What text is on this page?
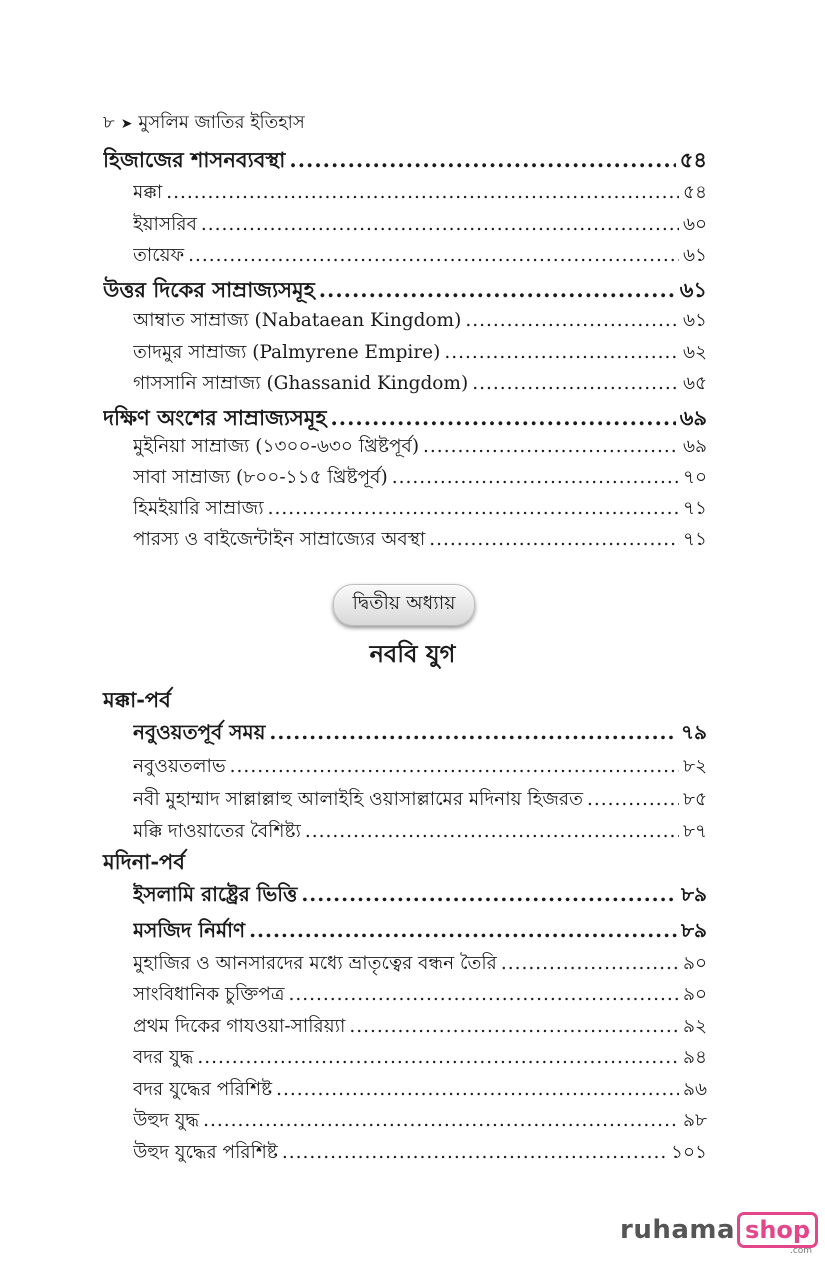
৮ ➤ মুসলিম জাতির ইতিহাস
হিজাজের শাসনব্যবস্থা .....	৫৪
মক্কা .....	৫৪
ইয়াসরিব .....	৬০
তায়েফ .....	৬১
উত্তর দিকের সাম্রাজ্যসমূহ .....	৬১
আম্বাত সাম্রাজ্য (Nabataean Kingdom) .....	৬১
তাদমুর সাম্রাজ্য (Palmyrene Empire) .....	৬২
গাসসানি সাম্রাজ্য (Ghassanid Kingdom) .....	৬৫
দক্ষিণ অংশের সাম্রাজ্যসমূহ .....	৬৯
মুইনিয়া সাম্রাজ্য (১৩০০-৬৩০ খ্রিষ্টপূর্ব) .....	৬৯
সাবা সাম্রাজ্য (৮০০-১১৫ খ্রিষ্টপূর্ব) .....	৭০
হিমইয়ারি সাম্রাজ্য .....	৭১
পারস্য ও বাইজেন্টাইন সাম্রাজ্যের অবস্থা .....	৭১
দ্বিতীয় অধ্যায়
নববি যুগ
মক্কা-পর্ব
নবুওয়তপূর্ব সময় .....	৭৯
নবুওয়তলাভ .....	৮২
নবী মুহাম্মাদ সাল্লাল্লাহু আলাইহি ওয়াসাল্লামের মদিনায় হিজরত .....	৮৫
মক্কি দাওয়াতের বৈশিষ্ট্য .....	৮৭
মদিনা-পর্ব
ইসলামি রাষ্ট্রের ভিত্তি .....	৮৯
মসজিদ নির্মাণ .....	৮৯
মুহাজির ও আনসারদের মধ্যে ভ্রাতৃত্বের বন্ধন তৈরি .....	৯০
সাংবিধানিক চুক্তিপত্র .....	৯০
প্রথম দিকের গাযওয়া-সারিয়্যা .....	৯২
বদর যুদ্ধ .....	৯৪
বদর যুদ্ধের পরিশিষ্ট .....	৯৬
উহুদ যুদ্ধ .....	৯৮
উহুদ যুদ্ধের পরিশিষ্ট .....	১০১
ruhama shop
.com
